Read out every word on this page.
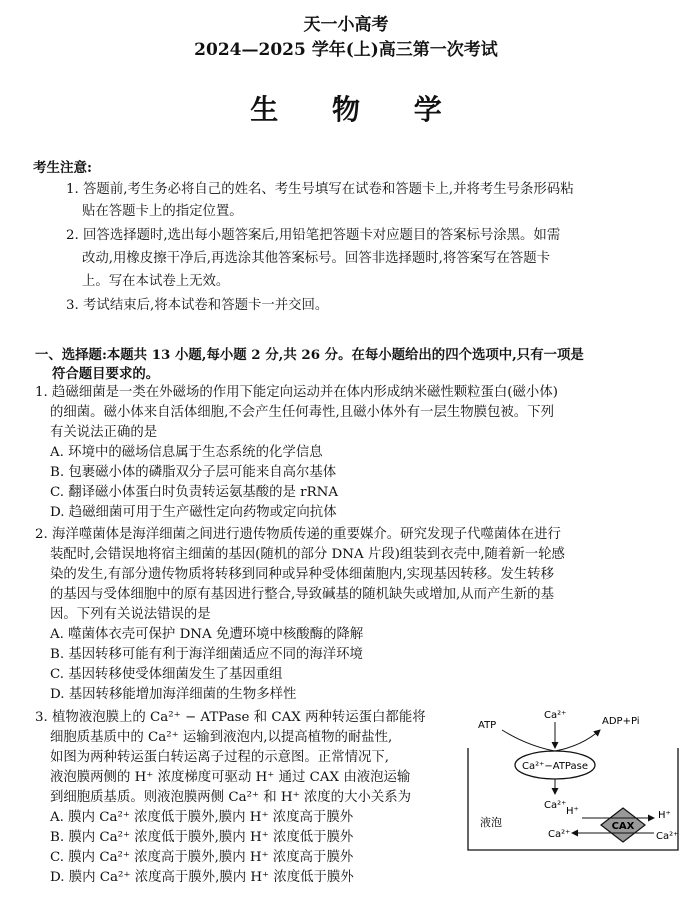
天一小高考
2024—2025 学年(上)高三第一次考试
生 物 学
考生注意:
1. 答题前,考生务必将自己的姓名、考生号填写在试卷和答题卡上,并将考生号条形码粘
贴在答题卡上的指定位置。
2. 回答选择题时,选出每小题答案后,用铅笔把答题卡对应题目的答案标号涂黑。如需
改动,用橡皮擦干净后,再选涂其他答案标号。回答非选择题时,将答案写在答题卡
上。写在本试卷上无效。
3. 考试结束后,将本试卷和答题卡一并交回。
一、选择题:本题共 13 小题,每小题 2 分,共 26 分。在每小题给出的四个选项中,只有一项是
符合题目要求的。
1. 趋磁细菌是一类在外磁场的作用下能定向运动并在体内形成纳米磁性颗粒蛋白(磁小体)
的细菌。磁小体来自活体细胞,不会产生任何毒性,且磁小体外有一层生物膜包被。下列
有关说法正确的是
A. 环境中的磁场信息属于生态系统的化学信息
B. 包裹磁小体的磷脂双分子层可能来自高尔基体
C. 翻译磁小体蛋白时负责转运氨基酸的是 rRNA
D. 趋磁细菌可用于生产磁性定向药物或定向抗体
2. 海洋噬菌体是海洋细菌之间进行遗传物质传递的重要媒介。研究发现子代噬菌体在进行
装配时,会错误地将宿主细菌的基因(随机的部分 DNA 片段)组装到衣壳中,随着新一轮感
染的发生,有部分遗传物质将转移到同种或异种受体细菌胞内,实现基因转移。发生转移
的基因与受体细胞中的原有基因进行整合,导致碱基的随机缺失或增加,从而产生新的基
因。下列有关说法错误的是
A. 噬菌体衣壳可保护 DNA 免遭环境中核酸酶的降解
B. 基因转移可能有利于海洋细菌适应不同的海洋环境
C. 基因转移使受体细菌发生了基因重组
D. 基因转移能增加海洋细菌的生物多样性
3. 植物液泡膜上的 Ca²⁺ − ATPase 和 CAX 两种转运蛋白都能将
细胞质基质中的 Ca²⁺ 运输到液泡内,以提高植物的耐盐性,
如图为两种转运蛋白转运离子过程的示意图。正常情况下,
液泡膜两侧的 H⁺ 浓度梯度可驱动 H⁺ 通过 CAX 由液泡运输
到细胞质基质。则液泡膜两侧 Ca²⁺ 和 H⁺ 浓度的大小关系为
A. 膜内 Ca²⁺ 浓度低于膜外,膜内 H⁺ 浓度高于膜外
B. 膜内 Ca²⁺ 浓度低于膜外,膜内 H⁺ 浓度低于膜外
C. 膜内 Ca²⁺ 浓度高于膜外,膜内 H⁺ 浓度高于膜外
D. 膜内 Ca²⁺ 浓度高于膜外,膜内 H⁺ 浓度低于膜外
Ca²⁺−ATPase
ATP	ADP+Pi
Ca²⁺
Ca²⁺
CAX
H⁺	H⁺
Ca²⁺	Ca²⁺
液泡
